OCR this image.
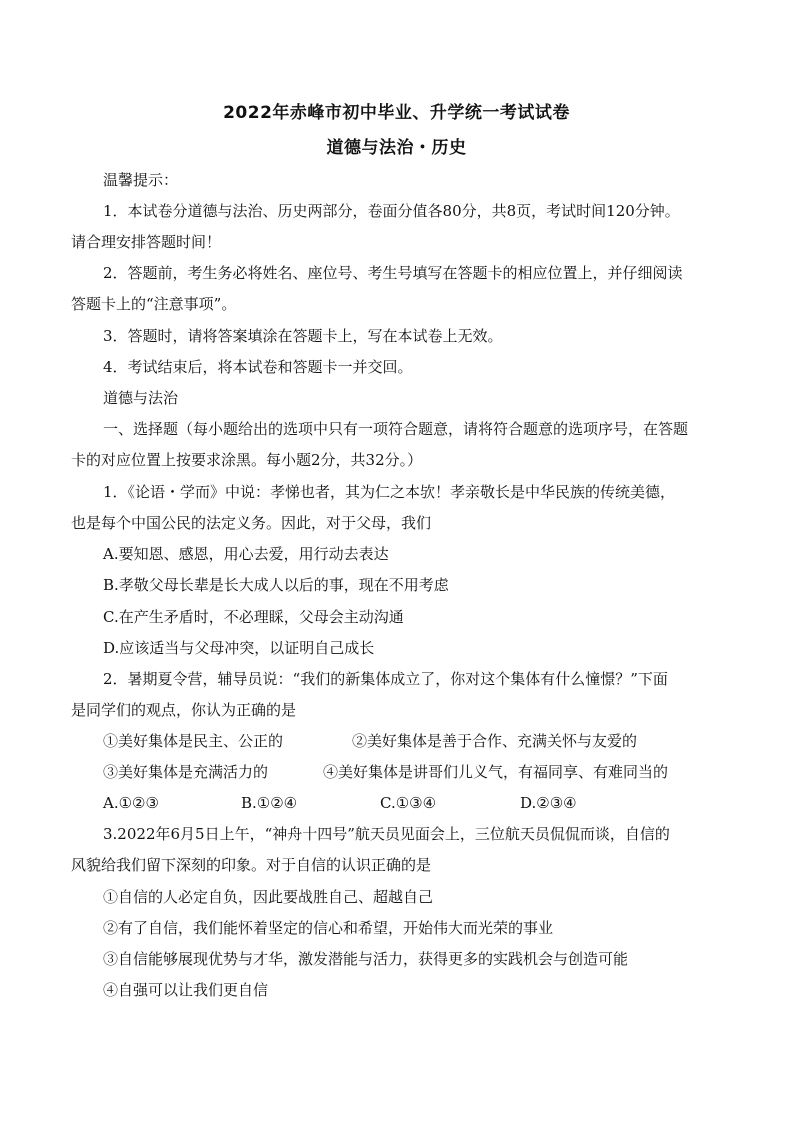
2022年赤峰市初中毕业、升学统一考试试卷
道德与法治・历史
温馨提示：
1．本试卷分道德与法治、历史两部分，卷面分值各80分，共8页，考试时间120分钟。
请合理安排答题时间！
2．答题前，考生务必将姓名、座位号、考生号填写在答题卡的相应位置上，并仔细阅读
答题卡上的“注意事项”。
3．答题时，请将答案填涂在答题卡上，写在本试卷上无效。
4．考试结束后，将本试卷和答题卡一并交回。
道德与法治
一、选择题（每小题给出的选项中只有一项符合题意，请将符合题意的选项序号，在答题
卡的对应位置上按要求涂黑。每小题2分，共32分。）
1．《论语・学而》中说：孝悌也者，其为仁之本欤！孝亲敬长是中华民族的传统美德，
也是每个中国公民的法定义务。因此，对于父母，我们
A.要知恩、感恩，用心去爱，用行动去表达
B.孝敬父母长辈是长大成人以后的事，现在不用考虑
C.在产生矛盾时，不必理睬，父母会主动沟通
D.应该适当与父母冲突，以证明自己成长
2．暑期夏令营，辅导员说：“我们的新集体成立了，你对这个集体有什么憧憬？”下面
是同学们的观点，你认为正确的是
①美好集体是民主、公正的	②美好集体是善于合作、充满关怀与友爱的
③美好集体是充满活力的	④美好集体是讲哥们儿义气，有福同享、有难同当的
A.①②③	B.①②④	C.①③④	D.②③④
3.2022年6月5日上午，“神舟十四号”航天员见面会上，三位航天员侃侃而谈，自信的
风貌给我们留下深刻的印象。对于自信的认识正确的是
①自信的人必定自负，因此要战胜自己、超越自己
②有了自信，我们能怀着坚定的信心和希望，开始伟大而光荣的事业
③自信能够展现优势与才华，激发潜能与活力，获得更多的实践机会与创造可能
④自强可以让我们更自信
